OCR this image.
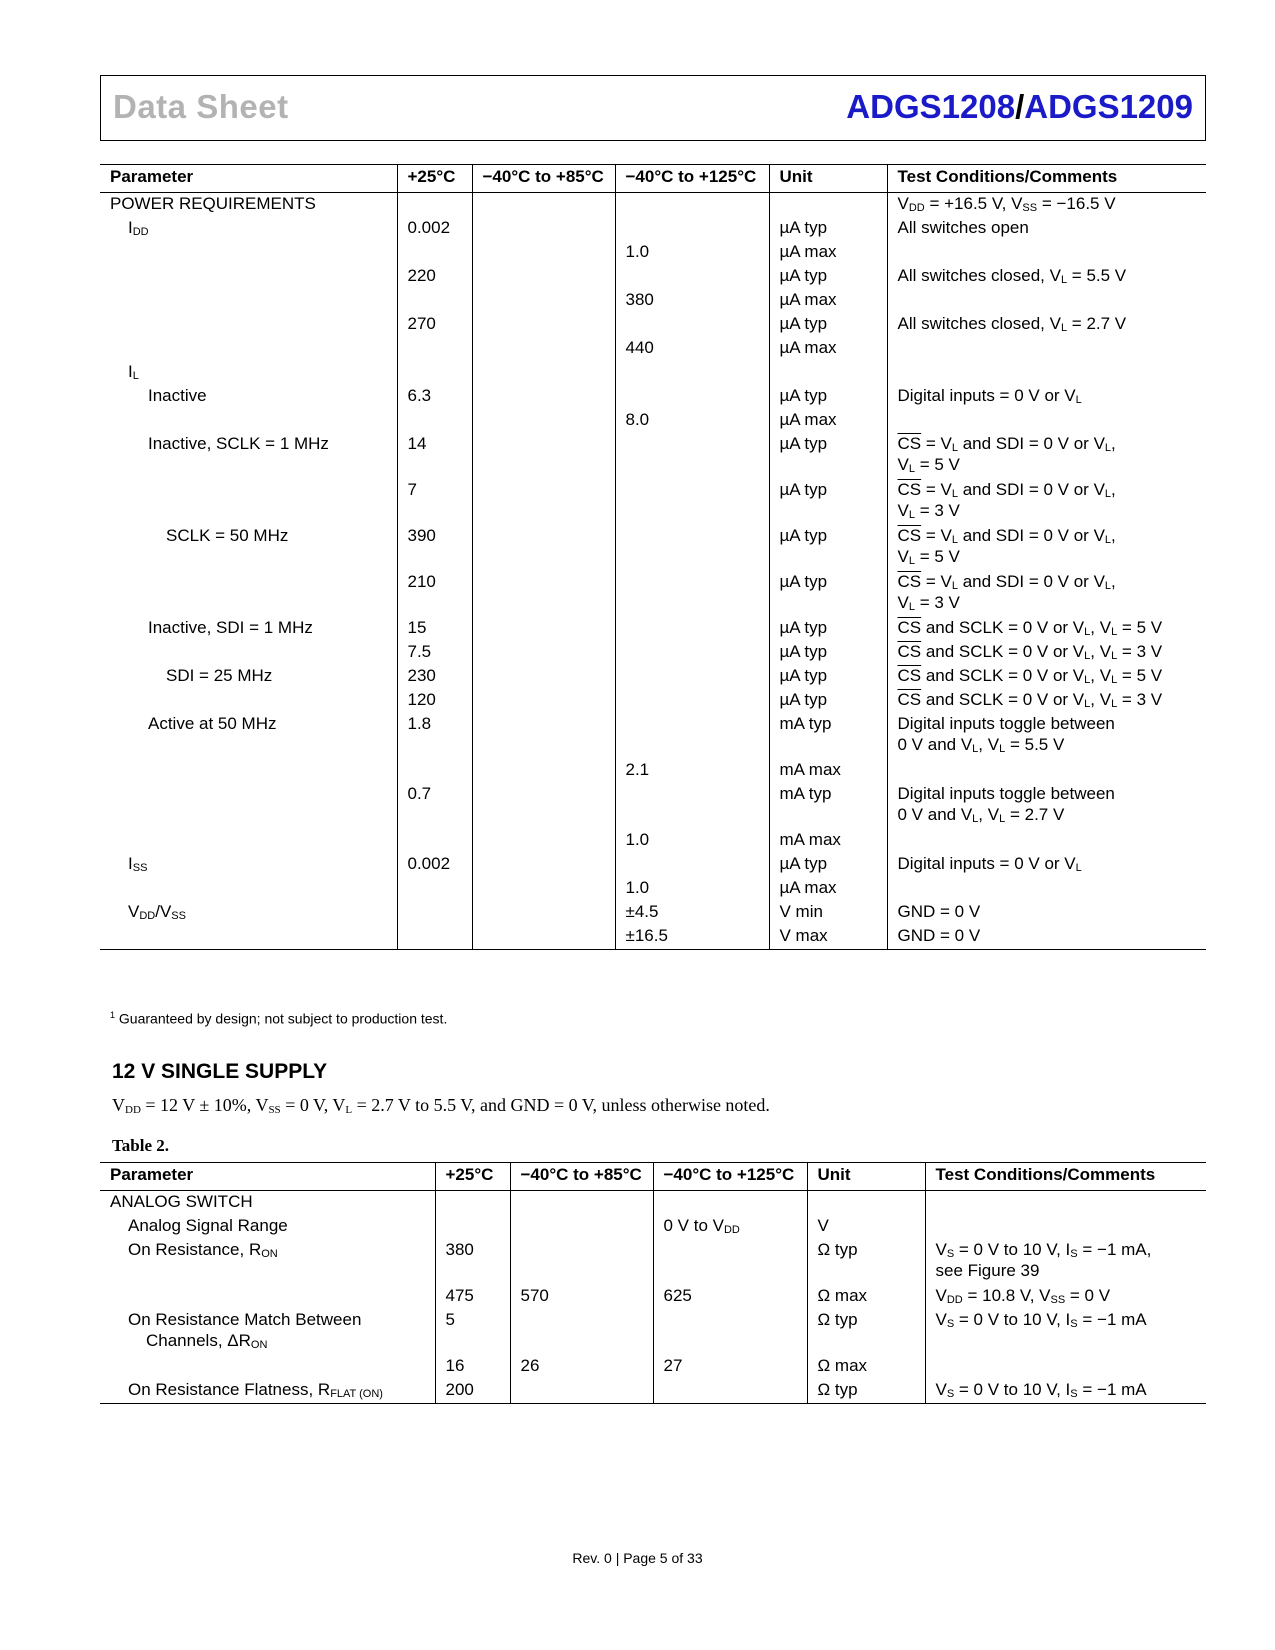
Data Sheet	ADGS1208/ADGS1209
Parameter	+25°C	−40°C to +85°C	−40°C to +125°C	Unit	Test Conditions/Comments
POWER REQUIREMENTS					$V_{DD} = +16.5$ V, $V_{SS} = -16.5$ V
$I_{DD}$	0.002			µA typ	All switches open
			1.0	µA max	
	220			µA typ	All switches closed, $V_L = 5.5$ V
			380	µA max	
	270			µA typ	All switches closed, $V_L = 2.7$ V
			440	µA max	
$I_L$					
Inactive	6.3			µA typ	Digital inputs = 0 V or $V_L$
			8.0	µA max	
Inactive, SCLK = 1 MHz	14			µA typ	$\overline{CS} = V_L$ and SDI = 0 V or $V_L$,
$V_L = 5$ V
	7			µA typ	$\overline{CS} = V_L$ and SDI = 0 V or $V_L$,
$V_L = 3$ V
SCLK = 50 MHz	390			µA typ	$\overline{CS} = V_L$ and SDI = 0 V or $V_L$,
$V_L = 5$ V
	210			µA typ	$\overline{CS} = V_L$ and SDI = 0 V or $V_L$,
$V_L = 3$ V
Inactive, SDI = 1 MHz	15			µA typ	$\overline{CS}$ and SCLK = 0 V or $V_L$, $V_L = 5$ V
	7.5			µA typ	$\overline{CS}$ and SCLK = 0 V or $V_L$, $V_L = 3$ V
SDI = 25 MHz	230			µA typ	$\overline{CS}$ and SCLK = 0 V or $V_L$, $V_L = 5$ V
	120			µA typ	$\overline{CS}$ and SCLK = 0 V or $V_L$, $V_L = 3$ V
Active at 50 MHz	1.8			mA typ	Digital inputs toggle between
0 V and $V_L$, $V_L = 5.5$ V
			2.1	mA max	
	0.7			mA typ	Digital inputs toggle between
0 V and $V_L$, $V_L = 2.7$ V
			1.0	mA max	
$I_{SS}$	0.002			µA typ	Digital inputs = 0 V or $V_L$
			1.0	µA max	
$V_{DD}/V_{SS}$			±4.5	V min	GND = 0 V
			±16.5	V max	GND = 0 V
$^1$ Guaranteed by design; not subject to production test.
12 V SINGLE SUPPLY
$V_{DD} = 12$ V ± 10%, $V_{SS} = 0$ V, $V_L = 2.7$ V to 5.5 V, and GND = 0 V, unless otherwise noted.
Table 2.
Parameter	+25°C	−40°C to +85°C	−40°C to +125°C	Unit	Test Conditions/Comments
ANALOG SWITCH					
Analog Signal Range			0 V to $V_{DD}$	V	
On Resistance, $R_{ON}$	380			Ω typ	$V_S = 0$ V to 10 V, $I_S = -1$ mA,
see Figure 39
	475	570	625	Ω max	$V_{DD} = 10.8$ V, $V_{SS} = 0$ V
On Resistance Match Between
Channels, $\Delta R_{ON}$	5			Ω typ	$V_S = 0$ V to 10 V, $I_S = -1$ mA
	16	26	27	Ω max	
On Resistance Flatness, $R_{FLAT (ON)}$	200			Ω typ	$V_S = 0$ V to 10 V, $I_S = -1$ mA
Rev. 0 | Page 5 of 33
